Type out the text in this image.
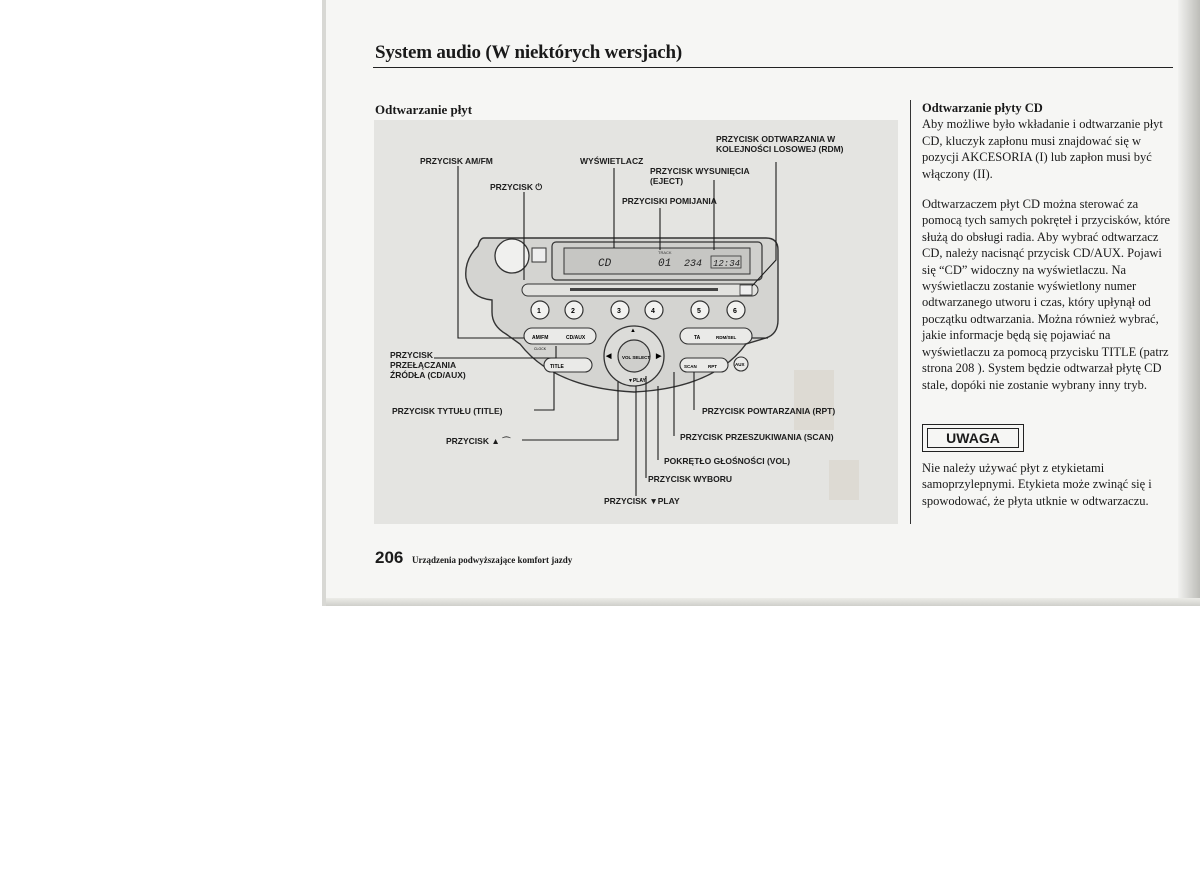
System audio (W niektórych wersjach)
Odtwarzanie płyt
CD	01 234 12:34
TRACK
1	2	3	4	5	6
AM/FM	CD/AUX
CLOCK
TITLE
VOL SELECT
▼PLAY
▲
◀	▶
TA	RDM/SEL
SCAN RPT	AUX
PRZYCISK ODTWARZANIA W
KOLEJNOŚCI LOSOWEJ (RDM)
PRZYCISK AM/FM	WYŚWIETLACZ
PRZYCISK WYSUNIĘCIA
(EJECT)
PRZYCISK ⏻
PRZYCISKI POMIJANIA
PRZYCISK
PRZEŁĄCZANIA
ŹRÓDŁA (CD/AUX)
PRZYCISK TYTUŁU (TITLE)
PRZYCISK ▲ ⌒
PRZYCISK POWTARZANIA (RPT)
PRZYCISK PRZESZUKIWANIA (SCAN)
POKRĘTŁO GŁOŚNOŚCI (VOL)
PRZYCISK WYBORU
PRZYCISK ▼PLAY

Odtwarzanie płyty CD
Aby możliwe było wkładanie i odtwarzanie płyt CD, kluczyk zapłonu musi znajdować się w pozycji AKCESORIA (I) lub zapłon musi być włączony (II).

Odtwarzaczem płyt CD można sterować za pomocą tych samych pokręteł i przycisków, które służą do obsługi radia. Aby wybrać odtwarzacz CD, należy nacisnąć przycisk CD/AUX. Pojawi się “CD” widoczny na wyświetlaczu. Na wyświetlaczu zostanie wyświetlony numer odtwarzanego utworu i czas, który upłynął od początku odtwarzania. Można również wybrać, jakie informacje będą się pojawiać na wyświetlaczu za pomocą przycisku TITLE (patrz strona 208 ). System będzie odtwarzał płytę CD stale, dopóki nie zostanie wybrany inny tryb.

UWAGA
Nie należy używać płyt z etykietami samoprzylepnymi. Etykieta może zwinąć się i spowodować, że płyta utknie w odtwarzaczu.
206 Urządzenia podwyższające komfort jazdy
